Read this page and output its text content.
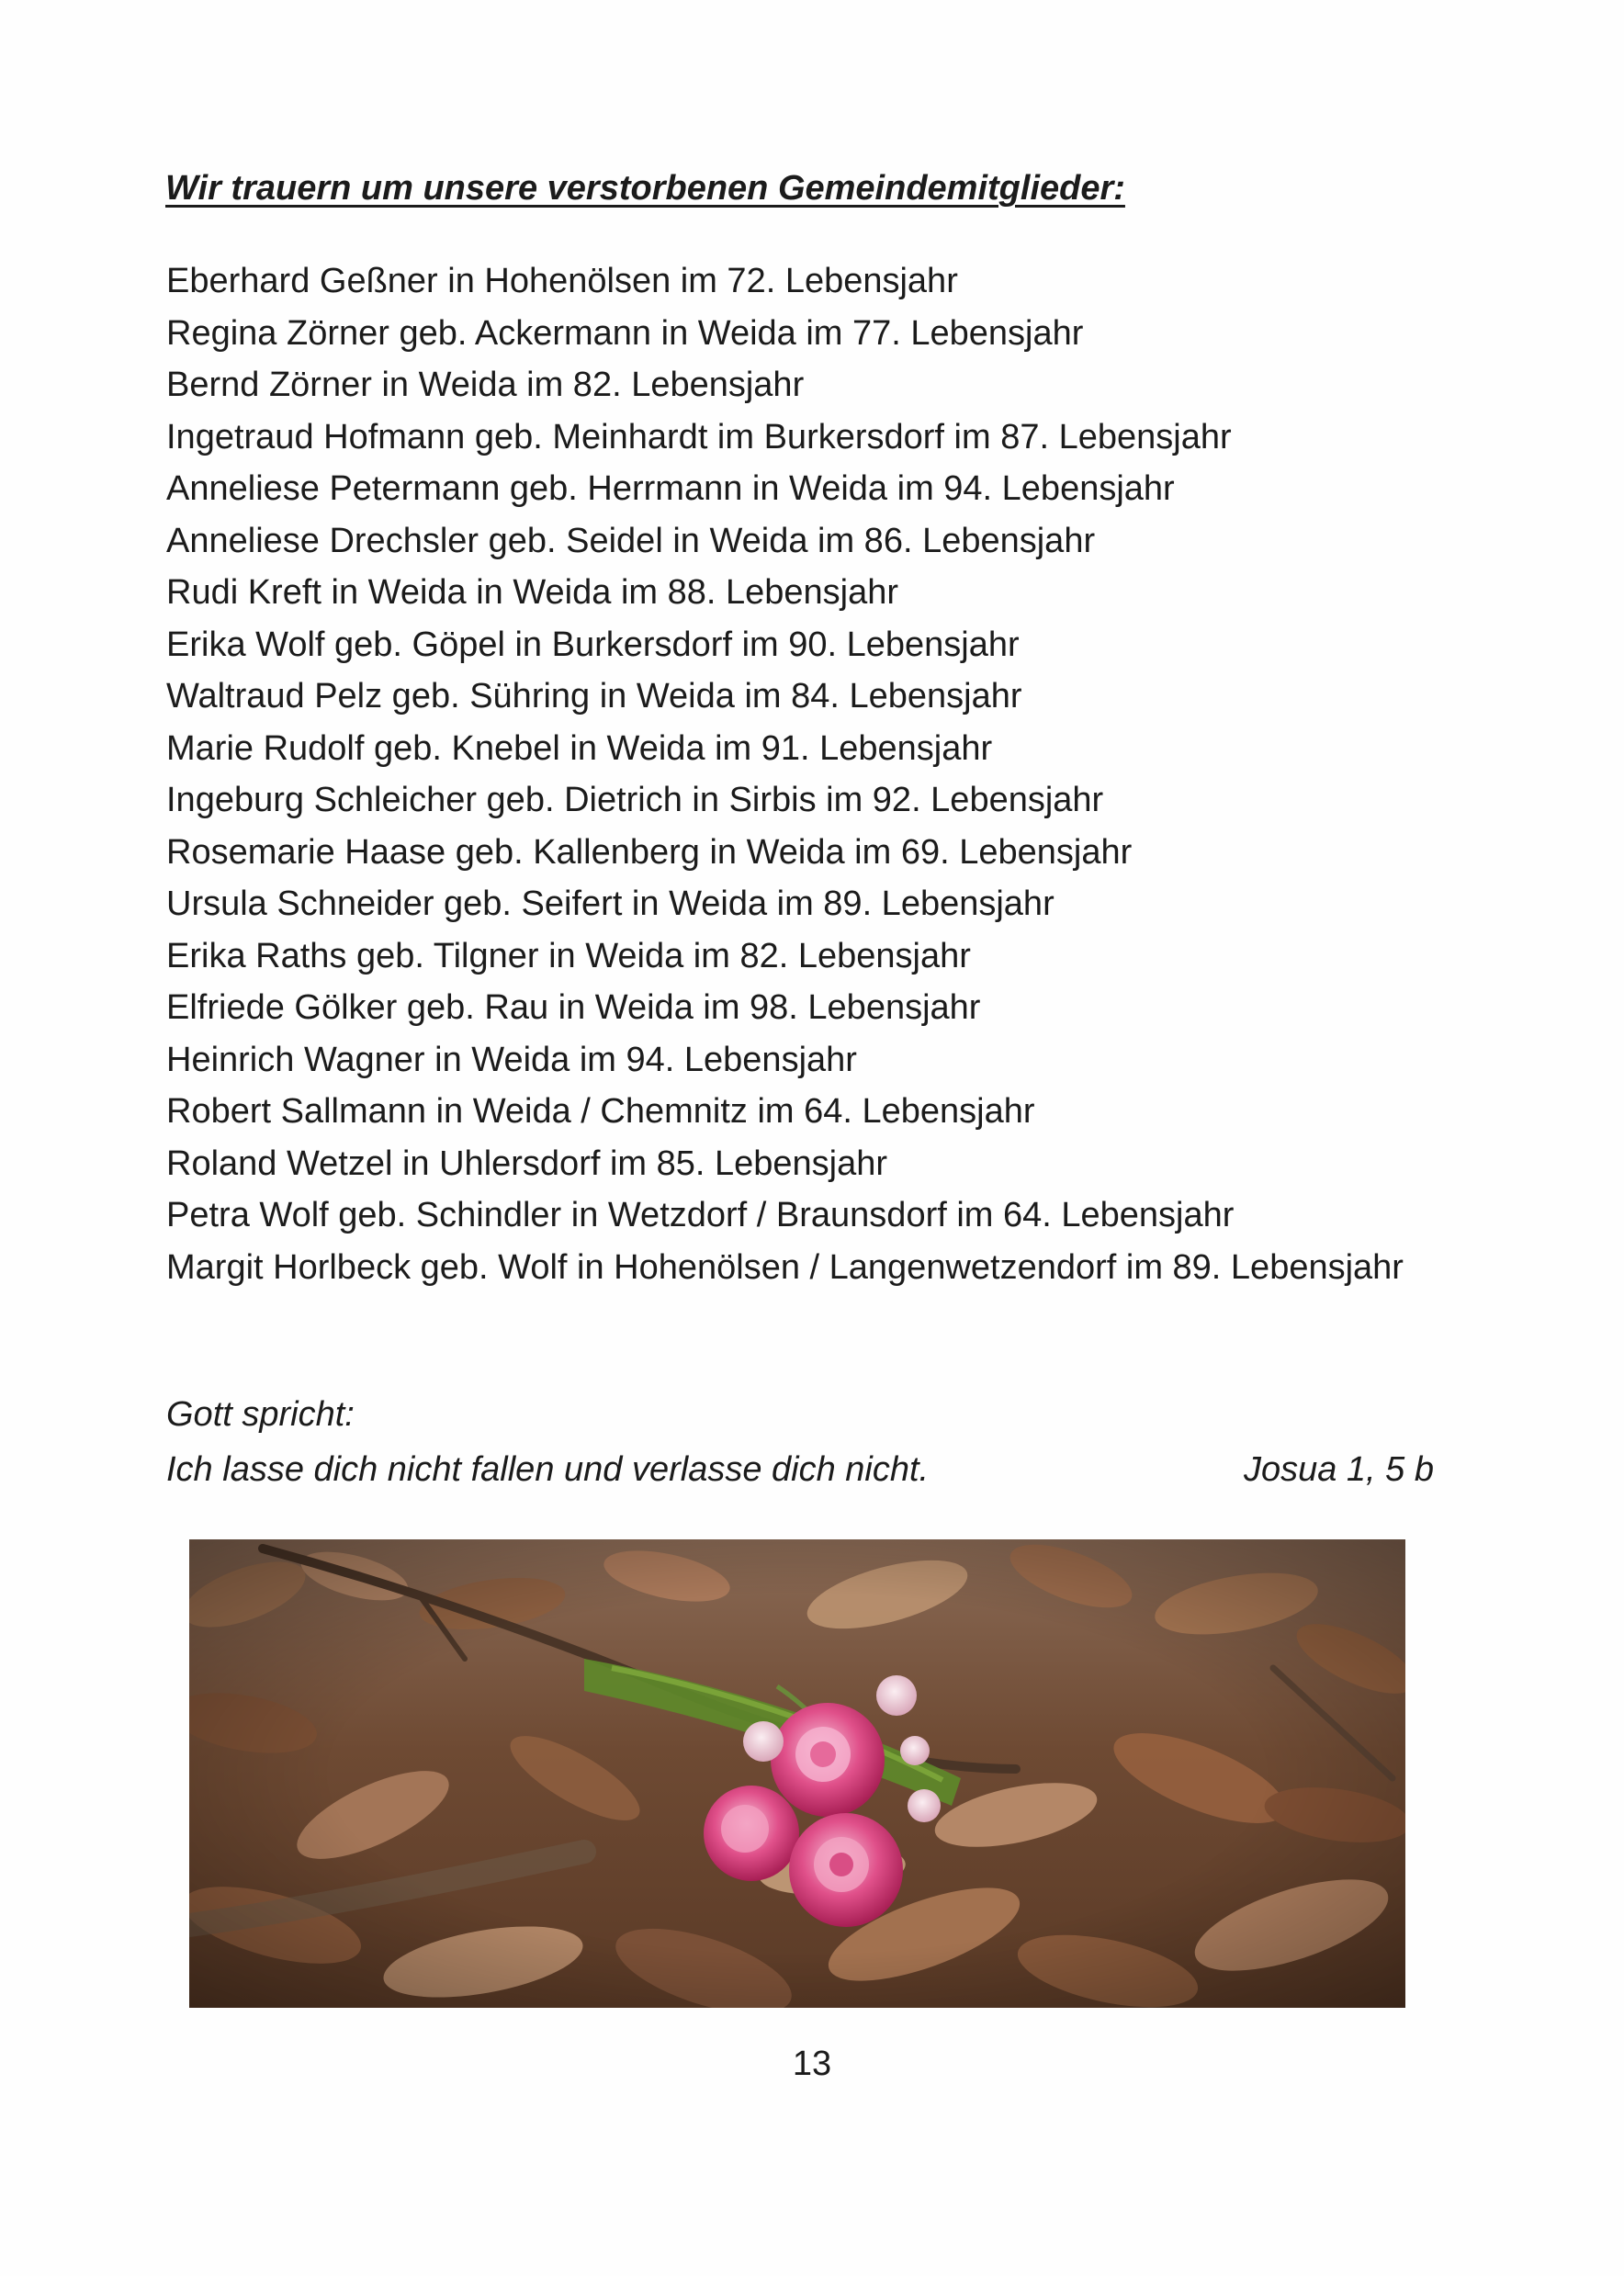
Wir trauern um unsere verstorbenen Gemeindemitglieder:
Eberhard Geßner in Hohenölsen im 72. Lebensjahr
Regina Zörner geb. Ackermann in Weida im 77. Lebensjahr
Bernd Zörner in Weida im 82. Lebensjahr
Ingetraud Hofmann geb. Meinhardt im Burkersdorf im 87. Lebensjahr
Anneliese Petermann geb. Herrmann in Weida im 94. Lebensjahr
Anneliese Drechsler geb. Seidel in Weida im 86. Lebensjahr
Rudi Kreft in Weida in Weida im 88. Lebensjahr
Erika Wolf geb. Göpel in Burkersdorf im 90. Lebensjahr
Waltraud Pelz geb. Sühring in Weida im 84. Lebensjahr
Marie Rudolf geb. Knebel in Weida im 91. Lebensjahr
Ingeburg Schleicher geb. Dietrich in Sirbis im 92. Lebensjahr
Rosemarie Haase geb. Kallenberg in Weida im 69. Lebensjahr
Ursula Schneider geb. Seifert in Weida im 89. Lebensjahr
Erika Raths geb. Tilgner in Weida im 82. Lebensjahr
Elfriede Gölker geb. Rau in Weida im 98. Lebensjahr
Heinrich Wagner in Weida im 94. Lebensjahr
Robert Sallmann in Weida / Chemnitz im 64. Lebensjahr
Roland Wetzel in Uhlersdorf im 85. Lebensjahr
Petra Wolf geb. Schindler in Wetzdorf / Braunsdorf im 64. Lebensjahr
Margit Horlbeck geb. Wolf in Hohenölsen / Langenwetzendorf im 89. Lebensjahr
Gott spricht:
Ich lasse dich nicht fallen und verlasse dich nicht.	Josua 1, 5 b
13
